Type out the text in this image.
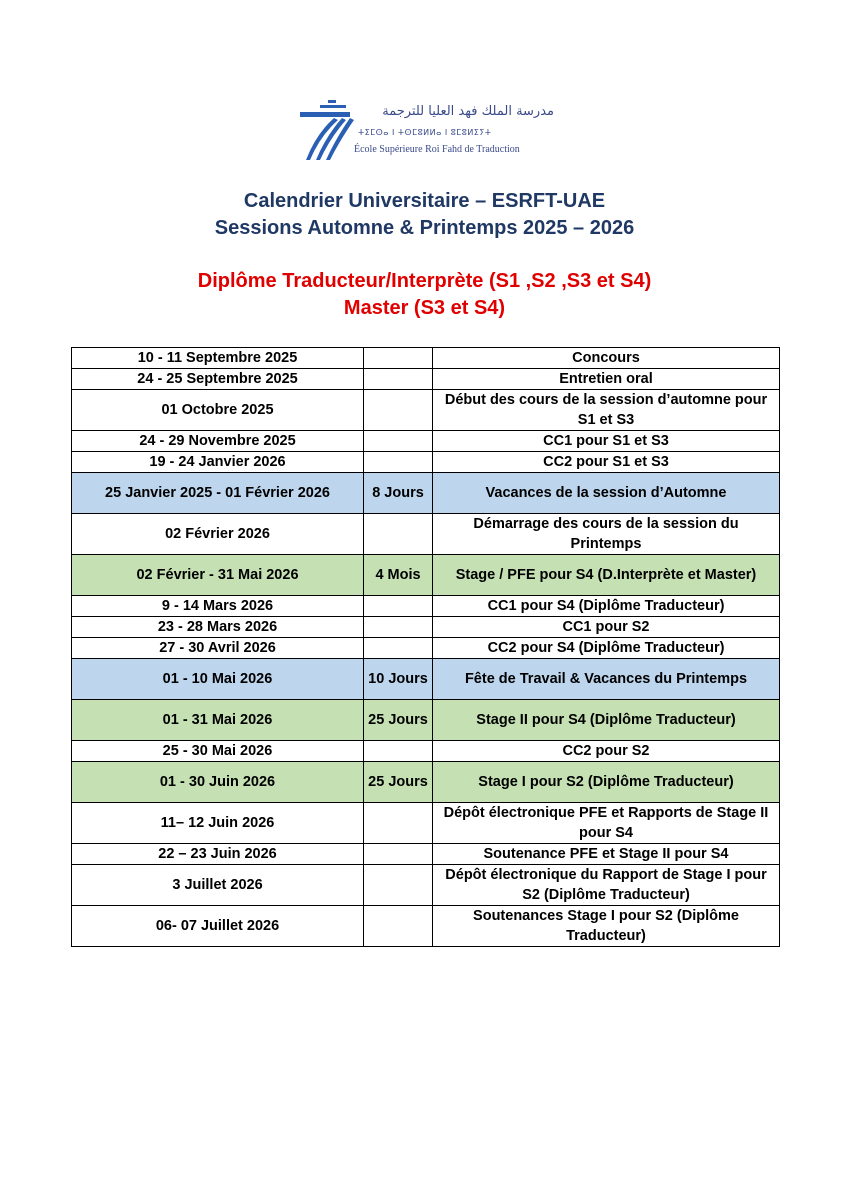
مدرسة الملك فهد العليا للترجمة
ⵜⵉⵎⵙⴰ ⵏ ⵜⵙⵎⵓⵍⵍⴰ ⵏ ⵓⵎⵓⵍⵉⵢⵜ
École Supérieure Roi Fahd de Traduction
Calendrier Universitaire – ESRFT-UAE
Sessions Automne & Printemps 2025 – 2026
Diplôme Traducteur/Interprète (S1 ,S2 ,S3 et S4)
Master (S3 et S4)
10 - 11 Septembre 2025		Concours
24 - 25 Septembre 2025		Entretien oral
01 Octobre 2025		Début des cours de la session d’automne pour S1 et S3
24 - 29 Novembre 2025		CC1 pour S1 et S3
19 - 24 Janvier 2026		CC2 pour S1 et S3
25 Janvier 2025 - 01 Février 2026	8 Jours	Vacances de la session d’Automne
02 Février 2026		Démarrage des cours de la session du Printemps
02 Février - 31 Mai 2026	4 Mois	Stage / PFE pour S4 (D.Interprète et Master)
9 - 14 Mars 2026		CC1 pour S4 (Diplôme Traducteur)
23 - 28 Mars 2026		CC1 pour S2
27 - 30 Avril 2026		CC2 pour S4 (Diplôme Traducteur)
01 - 10 Mai 2026	10 Jours	Fête de Travail & Vacances du Printemps
01 - 31 Mai 2026	25 Jours	Stage II pour S4 (Diplôme Traducteur)
25 - 30 Mai 2026		CC2 pour S2
01 - 30 Juin 2026	25 Jours	Stage I pour S2 (Diplôme Traducteur)
11– 12 Juin 2026		Dépôt électronique PFE et Rapports de Stage II pour S4
22 – 23 Juin 2026		Soutenance PFE et Stage II pour S4
3 Juillet 2026		Dépôt électronique du Rapport de Stage I pour S2 (Diplôme Traducteur)
06- 07 Juillet 2026		Soutenances Stage I pour S2 (Diplôme Traducteur)
